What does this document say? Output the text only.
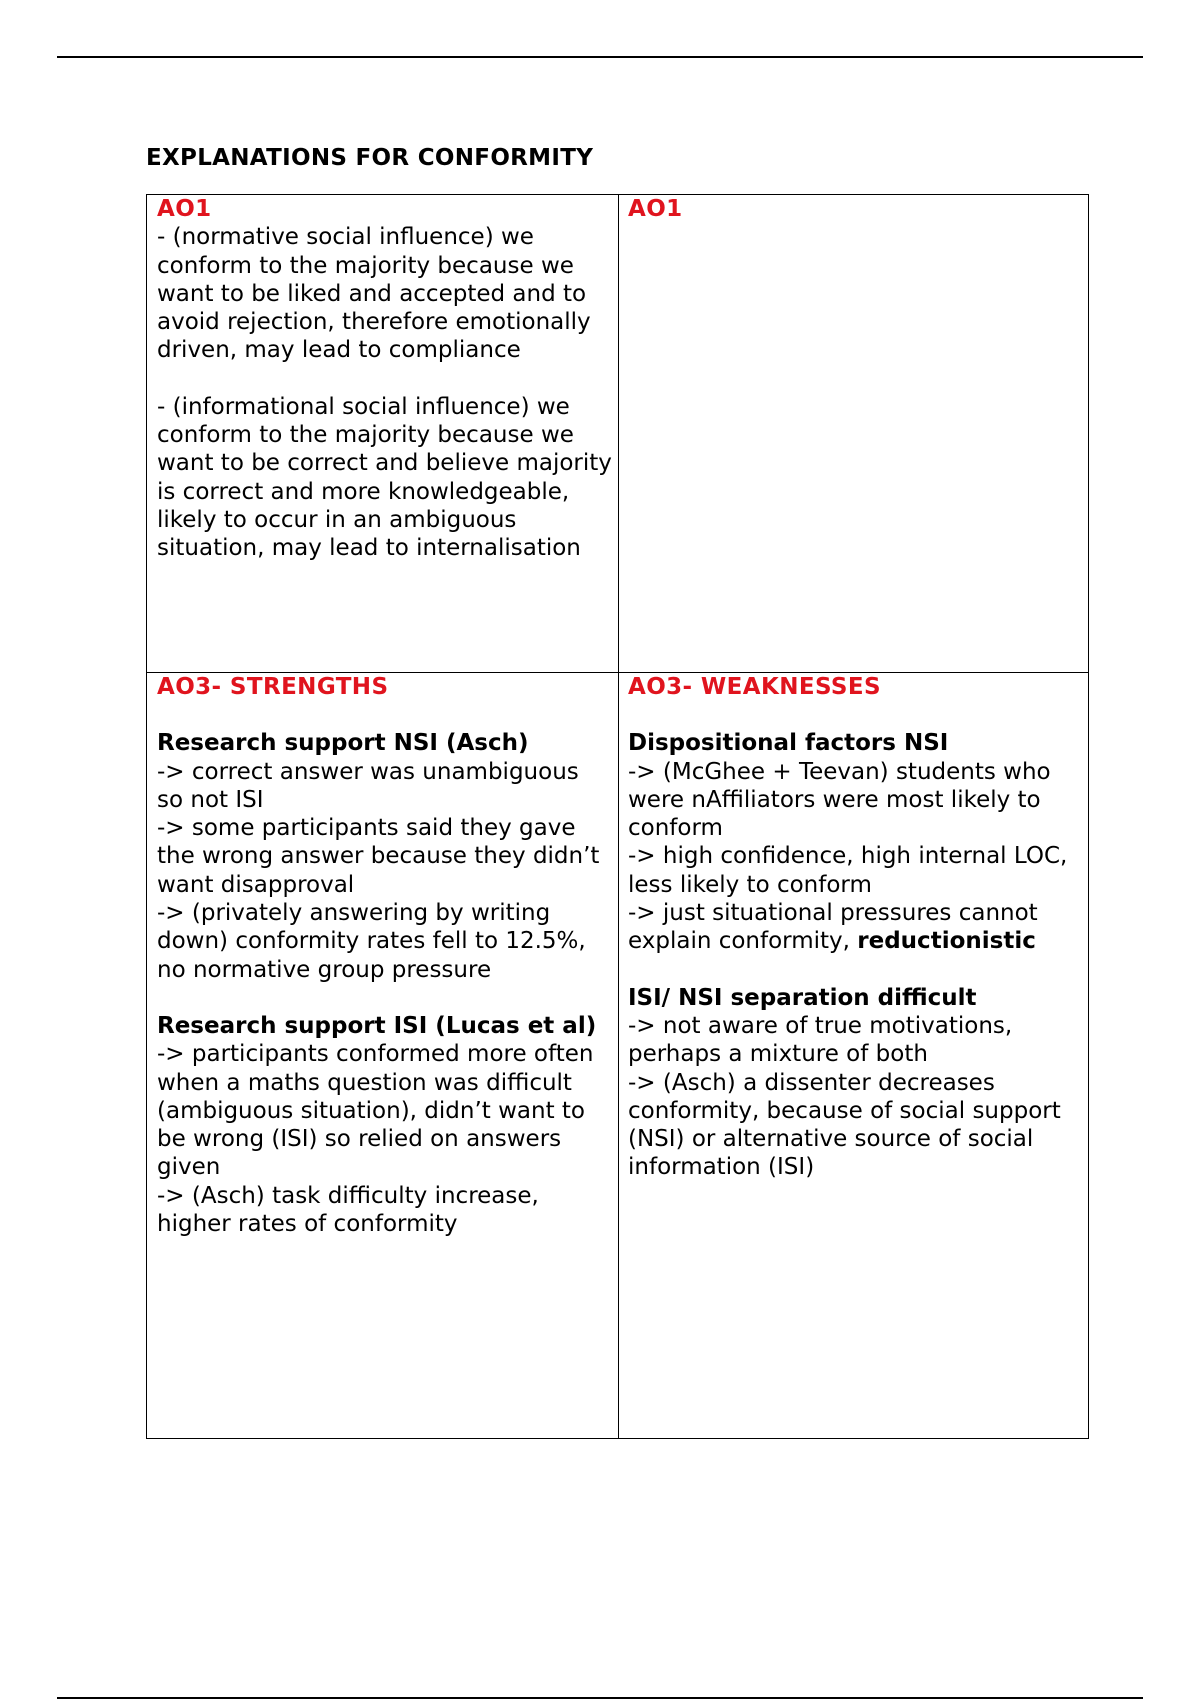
EXPLANATIONS FOR CONFORMITY
AO1

- (normative social influence) we conform to the majority because we want to be liked and accepted and to avoid rejection, therefore emotionally driven, may lead to compliance

- (informational social influence) we conform to the majority because we want to be correct and believe majority is correct and more knowledgeable, likely to occur in an ambiguous situation, may lead to internalisation

AO1
AO3- STRENGTHS
Research support NSI (Asch)
-> correct answer was unambiguous so not ISI
-> some participants said they gave the wrong answer because they didn’t want disapproval
-> (privately answering by writing down) conformity rates fell to 12.5%, no normative group pressure
Research support ISI (Lucas et al)
-> participants conformed more often when a maths question was difficult (ambiguous situation), didn’t want to be wrong (ISI) so relied on answers given
-> (Asch) task difficulty increase, higher rates of conformity
AO3- WEAKNESSES
Dispositional factors NSI
-> (McGhee + Teevan) students who were nAffiliators were most likely to conform
-> high confidence, high internal LOC, less likely to conform
-> just situational pressures cannot explain conformity, reductionistic
ISI/ NSI separation difficult
-> not aware of true motivations, perhaps a mixture of both
-> (Asch) a dissenter decreases conformity, because of social support (NSI) or alternative source of social information (ISI)
